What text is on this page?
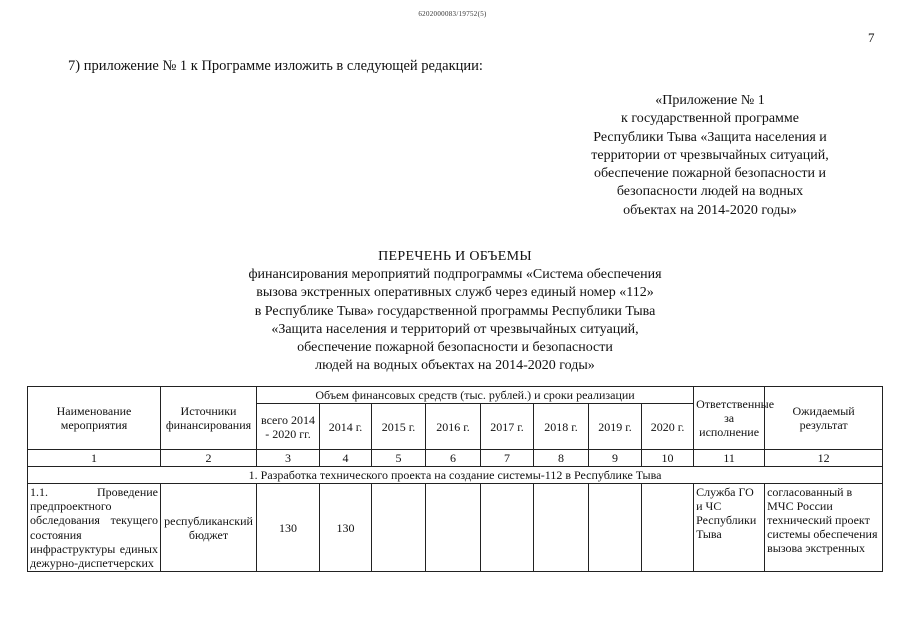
6202000083/19752(5)
7
7) приложение № 1 к Программе изложить в следующей редакции:
«Приложение № 1
к государственной программе
Республики Тыва «Защита населения и
территории от чрезвычайных ситуаций,
обеспечение пожарной безопасности и
безопасности людей на водных
объектах на 2014-2020 годы»
ПЕРЕЧЕНЬ И ОБЪЕМЫ
финансирования мероприятий подпрограммы «Система обеспечения
вызова экстренных оперативных служб через единый номер «112»
в Республике Тыва» государственной программы Республики Тыва
«Защита населения и территорий от чрезвычайных ситуаций,
обеспечение пожарной безопасности и безопасности
людей на водных объектах на 2014-2020 годы»
Наименование мероприятия	Источники финансирования	Объем финансовых средств (тыс. рублей.) и сроки реализации								Ответственные за исполнение	Ожидаемый результат
		всего 2014 - 2020 гг.	2014 г.	2015 г.	2016 г.	2017 г.	2018 г.	2019 г.	2020 г.		
1	2	3	4	5	6	7	8	9	10	11	12
1. Разработка технического проекта на создание системы-112 в Республике Тыва											
1.1. Проведение предпроектного обследования текущего состояния инфраструктуры единых дежурно-диспетчерских	республиканский бюджет	130	130							Служба ГО и ЧС Республики Тыва	согласованный в МЧС России технический проект системы обеспечения вызова экстренных
